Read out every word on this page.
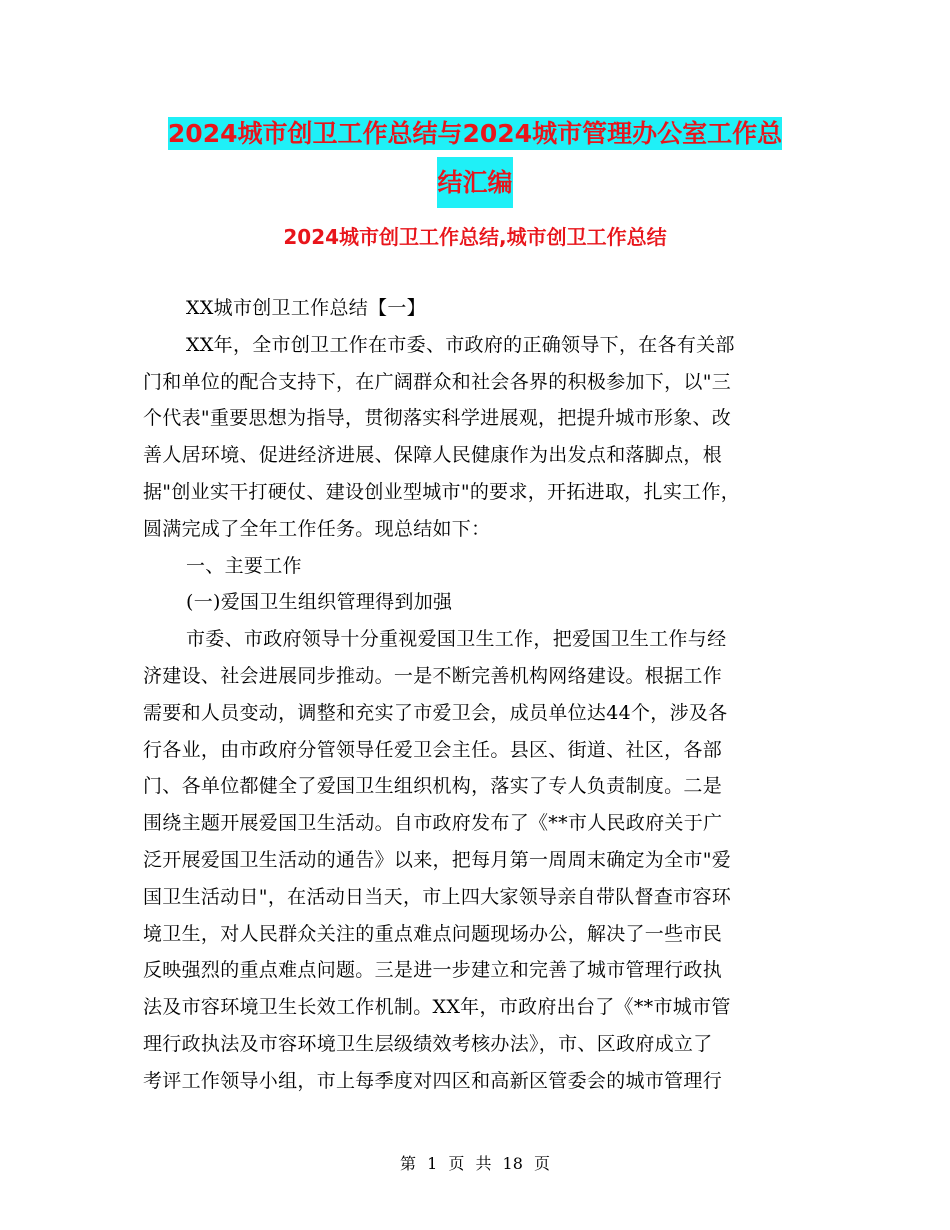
2024城市创卫工作总结与2024城市管理办公室工作总
结汇编
2024城市创卫工作总结,城市创卫工作总结
XX城市创卫工作总结【一】
XX年，全市创卫工作在市委、市政府的正确领导下，在各有关部
门和单位的配合支持下，在广阔群众和社会各界的积极参加下，以"三
个代表"重要思想为指导，贯彻落实科学进展观，把提升城市形象、改
善人居环境、促进经济进展、保障人民健康作为出发点和落脚点，根
据"创业实干打硬仗、建设创业型城市"的要求，开拓进取，扎实工作，
圆满完成了全年工作任务。现总结如下：
一、主要工作
(一)爱国卫生组织管理得到加强
市委、市政府领导十分重视爱国卫生工作，把爱国卫生工作与经
济建设、社会进展同步推动。一是不断完善机构网络建设。根据工作
需要和人员变动，调整和充实了市爱卫会，成员单位达44个，涉及各
行各业，由市政府分管领导任爱卫会主任。县区、街道、社区，各部
门、各单位都健全了爱国卫生组织机构，落实了专人负责制度。二是
围绕主题开展爱国卫生活动。自市政府发布了《**市人民政府关于广
泛开展爱国卫生活动的通告》以来，把每月第一周周末确定为全市"爱
国卫生活动日"，在活动日当天，市上四大家领导亲自带队督查市容环
境卫生，对人民群众关注的重点难点问题现场办公，解决了一些市民
反映强烈的重点难点问题。三是进一步建立和完善了城市管理行政执
法及市容环境卫生长效工作机制。XX年，市政府出台了《**市城市管
理行政执法及市容环境卫生层级绩效考核办法》，市、区政府成立了
考评工作领导小组，市上每季度对四区和高新区管委会的城市管理行
第 1 页 共 18 页
